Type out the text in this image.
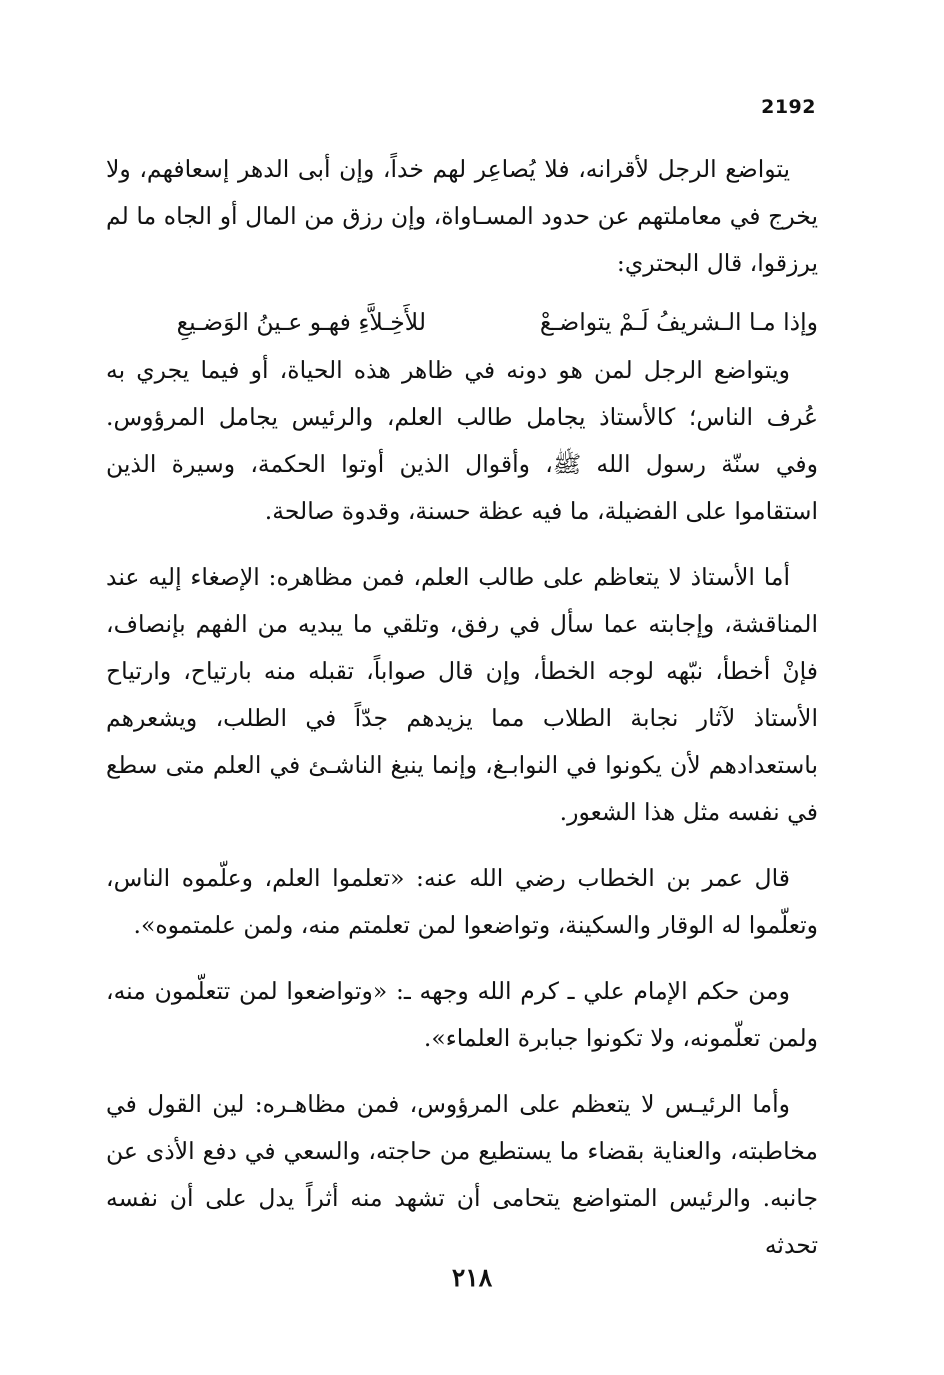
2192

يتواضع الرجل لأقرانه، فلا يُصاعِر لهم خداً، وإن أبى الدهر إسعافهم، ولا يخرج في معاملتهم عن حدود المسـاواة، وإن رزق من المال أو الجاه ما لم يرزقوا، قال البحتري:

وإذا مـا الـشريفُ لَـمْ يتواضـعْ
للأَخِـلاَّءِ فهـو عـينُ الوَضـيعِ

ويتواضع الرجل لمن هو دونه في ظاهر هذه الحياة، أو فيما يجري به عُرف الناس؛ كالأستاذ يجامل طالب العلم، والرئيس يجامل المرؤوس. وفي سنّة رسول الله ﷺ، وأقوال الذين أوتوا الحكمة، وسيرة الذين استقاموا على الفضيلة، ما فيه عظة حسنة، وقدوة صالحة.

أما الأستاذ لا يتعاظم على طالب العلم، فمن مظاهره: الإصغاء إليه عند المناقشة، وإجابته عما سأل في رفق، وتلقي ما يبديه من الفهم بإنصاف، فإنْ أخطأ، نبّهه لوجه الخطأ، وإن قال صواباً، تقبله منه بارتياح، وارتياح الأستاذ لآثار نجابة الطلاب مما يزيدهم جدّاً في الطلب، ويشعرهم باستعدادهم لأن يكونوا في النوابـغ، وإنما ينبغ الناشـئ في العلم متى سطع في نفسه مثل هذا الشعور.

قال عمر بن الخطاب رضي الله عنه: «تعلموا العلم، وعلّموه الناس، وتعلّموا له الوقار والسكينة، وتواضعوا لمن تعلمتم منه، ولمن علمتموه».

ومن حكم الإمام علي ـ كرم الله وجهه ـ: «وتواضعوا لمن تتعلّمون منه، ولمن تعلّمونه، ولا تكونوا جبابرة العلماء».

وأما الرئيـس لا يتعظم على المرؤوس، فمن مظاهـره: لين القول في مخاطبته، والعناية بقضاء ما يستطيع من حاجته، والسعي في دفع الأذى عن جانبه. والرئيس المتواضع يتحامى أن تشهد منه أثراً يدل على أن نفسه تحدثه

٢١٨
